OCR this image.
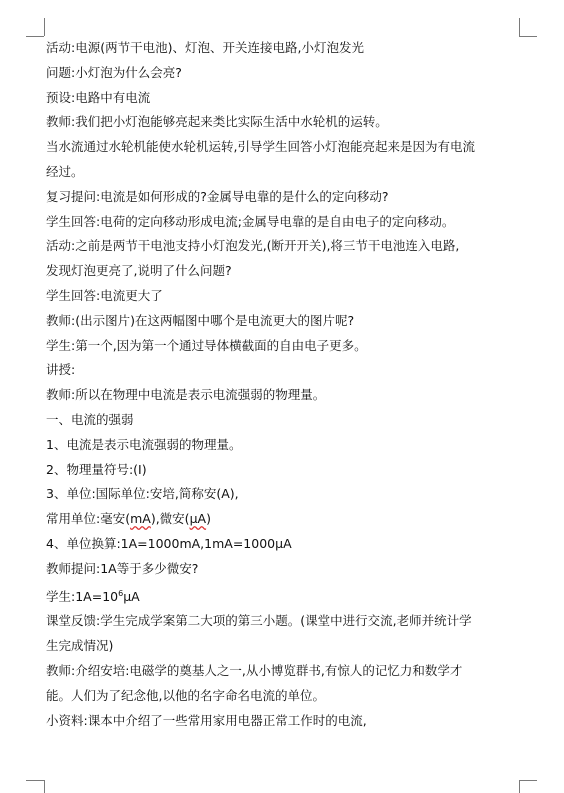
活动:电源(两节干电池)、灯泡、开关连接电路,小灯泡发光
问题:小灯泡为什么会亮?
预设:电路中有电流
教师:我们把小灯泡能够亮起来类比实际生活中水轮机的运转。
当水流通过水轮机能使水轮机运转,引导学生回答小灯泡能亮起来是因为有电流
经过。
复习提问:电流是如何形成的?金属导电靠的是什么的定向移动?
学生回答:电荷的定向移动形成电流;金属导电靠的是自由电子的定向移动。
活动:之前是两节干电池支持小灯泡发光,(断开开关),将三节干电池连入电路,
发现灯泡更亮了,说明了什么问题?
学生回答:电流更大了
教师:(出示图片)在这两幅图中哪个是电流更大的图片呢?
学生:第一个,因为第一个通过导体横截面的自由电子更多。
讲授:
教师:所以在物理中电流是表示电流强弱的物理量。
一、电流的强弱
1、电流是表示电流强弱的物理量。
2、物理量符号:(I)
3、单位:国际单位:安培,简称安(A),
常用单位:毫安(mA),微安(μA)
4、单位换算:1A=1000mA,1mA=1000μA
教师提问:1A等于多少微安?
学生$:1A=10^6\mu A$
课堂反馈:学生完成学案第二大项的第三小题。(课堂中进行交流,老师并统计学
生完成情况)
教师:介绍安培:电磁学的奠基人之一,从小博览群书,有惊人的记忆力和数学才
能。人们为了纪念他,以他的名字命名电流的单位。
小资料:课本中介绍了一些常用家用电器正常工作时的电流,
